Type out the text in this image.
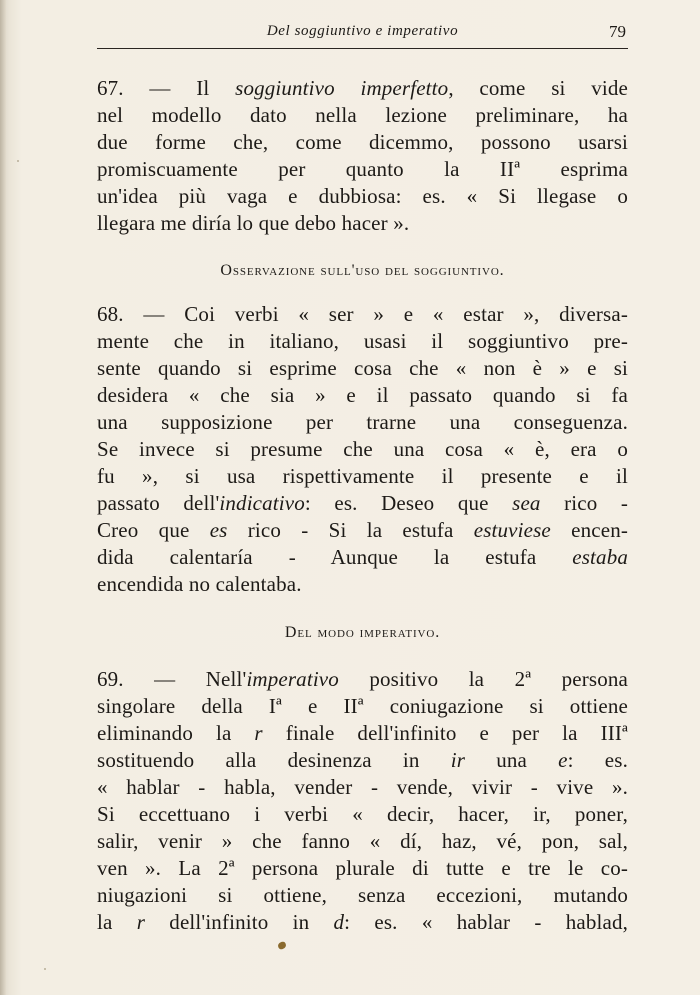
Del soggiuntivo e imperativo	79
67. — Il soggiuntivo imperfetto, come si vide
nel modello dato nella lezione preliminare, ha
due forme che, come dicemmo, possono usarsi
promiscuamente per quanto la IIª esprima
un'idea più vaga e dubbiosa: es. « Si llegase o
llegara me diría lo que debo hacer ».
Osservazione sull'uso del soggiuntivo.
68. — Coi verbi « ser » e « estar », diversa-
mente che in italiano, usasi il soggiuntivo pre-
sente quando si esprime cosa che « non è » e si
desidera « che sia » e il passato quando si fa
una supposizione per trarne una conseguenza.
Se invece si presume che una cosa « è, era o
fu », si usa rispettivamente il presente e il
passato dell'indicativo: es. Deseo que sea rico -
Creo que es rico - Si la estufa estuviese encen-
dida calentaría - Aunque la estufa estaba
encendida no calentaba.
Del modo imperativo.
69. — Nell'imperativo positivo la 2ª persona
singolare della Iª e IIª coniugazione si ottiene
eliminando la r finale dell'infinito e per la IIIª
sostituendo alla desinenza in ir una e: es.
« hablar - habla, vender - vende, vivir - vive ».
Si eccettuano i verbi « decir, hacer, ir, poner,
salir, venir » che fanno « dí, haz, vé, pon, sal,
ven ». La 2ª persona plurale di tutte e tre le co-
niugazioni si ottiene, senza eccezioni, mutando
la r dell'infinito in d: es. « hablar - hablad,
